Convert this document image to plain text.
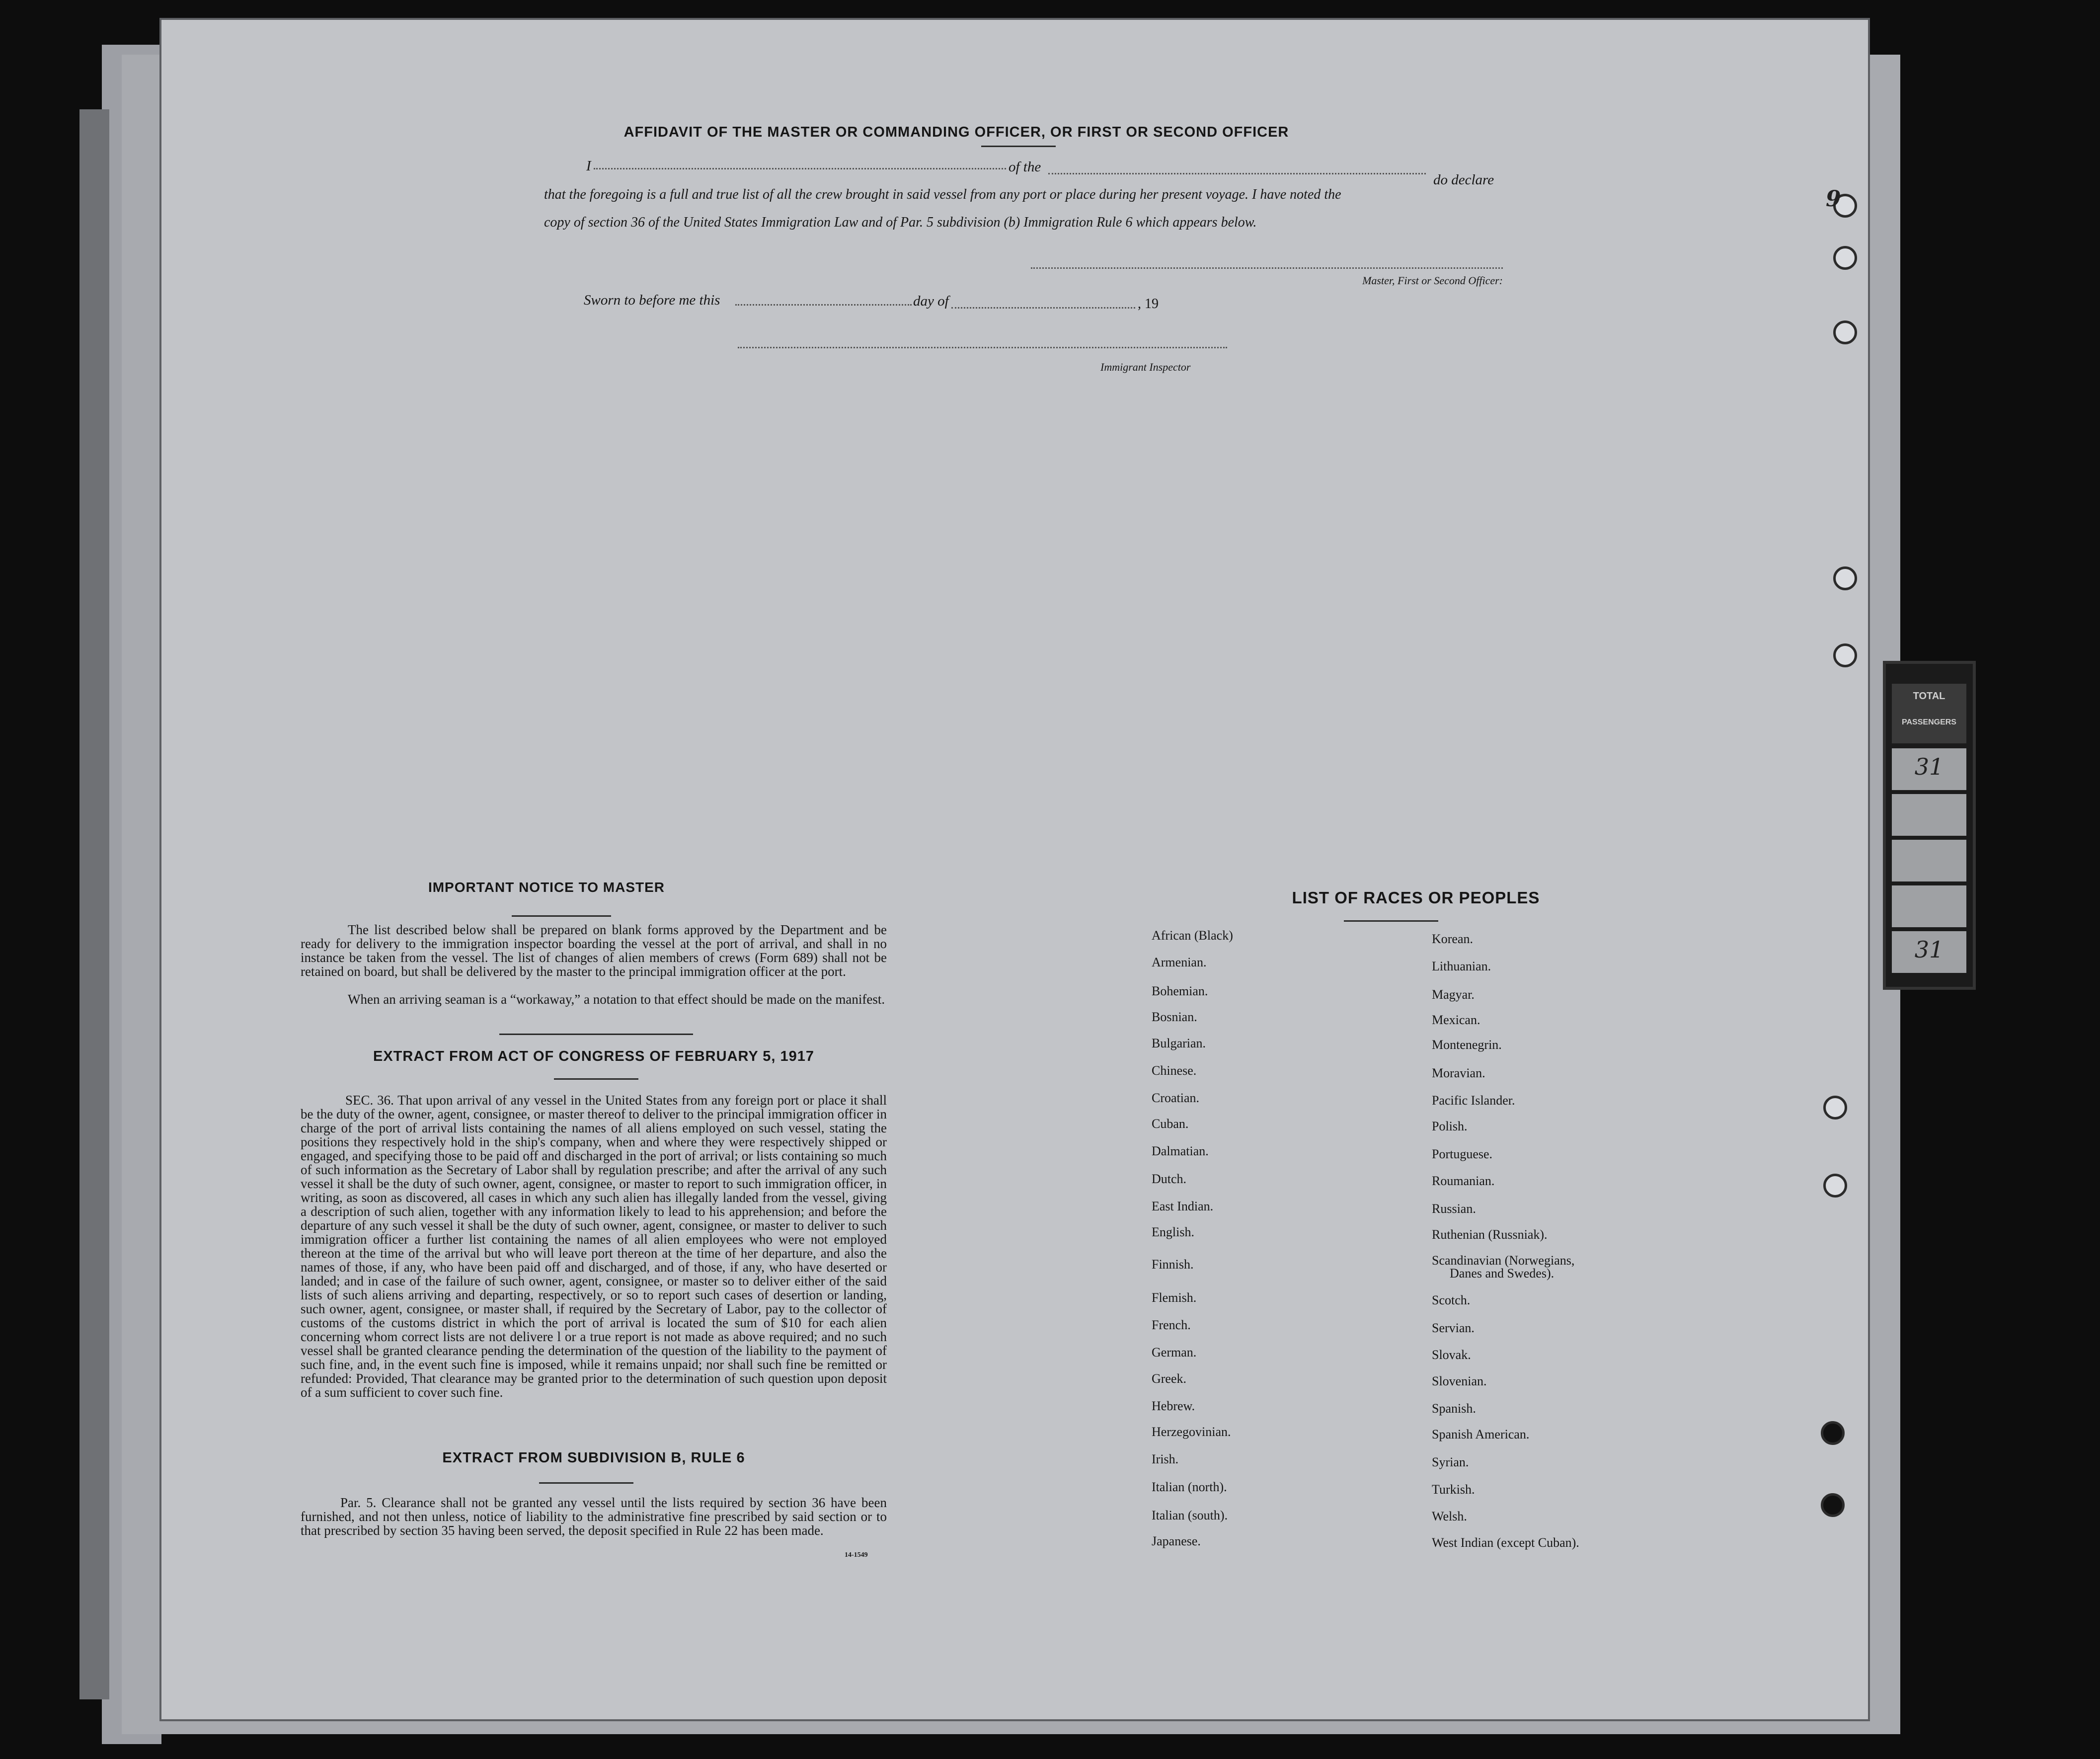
AFFIDAVIT OF THE MASTER OR COMMANDING OFFICER, OR FIRST OR SECOND OFFICER
I	of the
do declare
that the foregoing is a full and true list of all the crew brought in said vessel from any port or place during her present voyage. I have noted the
copy of section 36 of the United States Immigration Law and of Par. 5 subdivision (b) Immigration Rule 6 which appears below.
Master, First or Second Officer:
Sworn to before me this	day of	, 19
Immigrant Inspector
IMPORTANT NOTICE TO MASTER
The list described below shall be prepared on blank forms approved by the Department and be ready for delivery to the immigration inspector boarding the vessel at the port of arrival, and shall in no instance be taken from the vessel. The list of changes of alien members of crews (Form 689) shall not be retained on board, but shall be delivered by the master to the principal immigration officer at the port.
When an arriving seaman is a “workaway,” a notation to that effect should be made on the manifest.
EXTRACT FROM ACT OF CONGRESS OF FEBRUARY 5, 1917
SEC. 36. That upon arrival of any vessel in the United States from any foreign port or place it shall be the duty of the owner, agent, consignee, or master thereof to deliver to the principal immigration officer in charge of the port of arrival lists containing the names of all aliens employed on such vessel, stating the positions they respectively hold in the ship's company, when and where they were respectively shipped or engaged, and specifying those to be paid off and discharged in the port of arrival; or lists containing so much of such information as the Secretary of Labor shall by regulation prescribe; and after the arrival of any such vessel it shall be the duty of such owner, agent, consignee, or master to report to such immigration officer, in writing, as soon as discovered, all cases in which any such alien has illegally landed from the vessel, giving a description of such alien, together with any information likely to lead to his apprehension; and before the departure of any such vessel it shall be the duty of such owner, agent, consignee, or master to deliver to such immigration officer a further list containing the names of all alien employees who were not employed thereon at the time of the arrival but who will leave port thereon at the time of her departure, and also the names of those, if any, who have been paid off and discharged, and of those, if any, who have deserted or landed; and in case of the failure of such owner, agent, consignee, or master so to deliver either of the said lists of such aliens arriving and departing, respectively, or so to report such cases of desertion or landing, such owner, agent, consignee, or master shall, if required by the Secretary of Labor, pay to the collector of customs of the customs district in which the port of arrival is located the sum of $10 for each alien concerning whom correct lists are not delivere l or a true report is not made as above required; and no such vessel shall be granted clearance pending the determination of the question of the liability to the payment of such fine, and, in the event such fine is imposed, while it remains unpaid; nor shall such fine be remitted or refunded: Provided, That clearance may be granted prior to the determination of such question upon deposit of a sum sufficient to cover such fine.
EXTRACT FROM SUBDIVISION B, RULE 6
Par. 5. Clearance shall not be granted any vessel until the lists required by section 36 have been furnished, and not then unless, notice of liability to the administrative fine prescribed by said section or to that prescribed by section 35 having been served, the deposit specified in Rule 22 has been made.
14-1549
LIST OF RACES OR PEOPLES
African (Black)
Armenian.
Bohemian.
Bosnian.
Bulgarian.
Chinese.
Croatian.
Cuban.
Dalmatian.
Dutch.
East Indian.
English.
Finnish.
Flemish.
French.
German.
Greek.
Hebrew.
Herzegovinian.
Irish.
Italian (north).
Italian (south).
Japanese.
Korean.
Lithuanian.
Magyar.
Mexican.
Montenegrin.
Moravian.
Pacific Islander.
Polish.
Portuguese.
Roumanian.
Russian.
Ruthenian (Russniak).
Scandinavian (Norwegians,
Danes and Swedes).
Scotch.
Servian.
Slovak.
Slovenian.
Spanish.
Spanish American.
Syrian.
Turkish.
Welsh.
West Indian (except Cuban).
9
TOTAL
PASSENGERS
31
31
